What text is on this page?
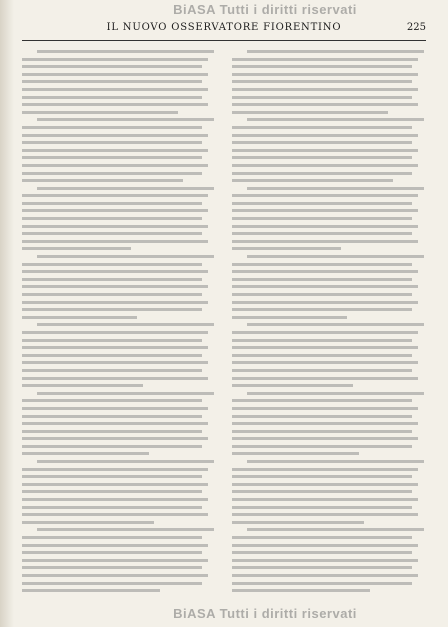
BiASA Tutti i diritti riservati
IL NUOVO OSSERVATORE FIORENTINO	225
BiASA Tutti i diritti riservati
